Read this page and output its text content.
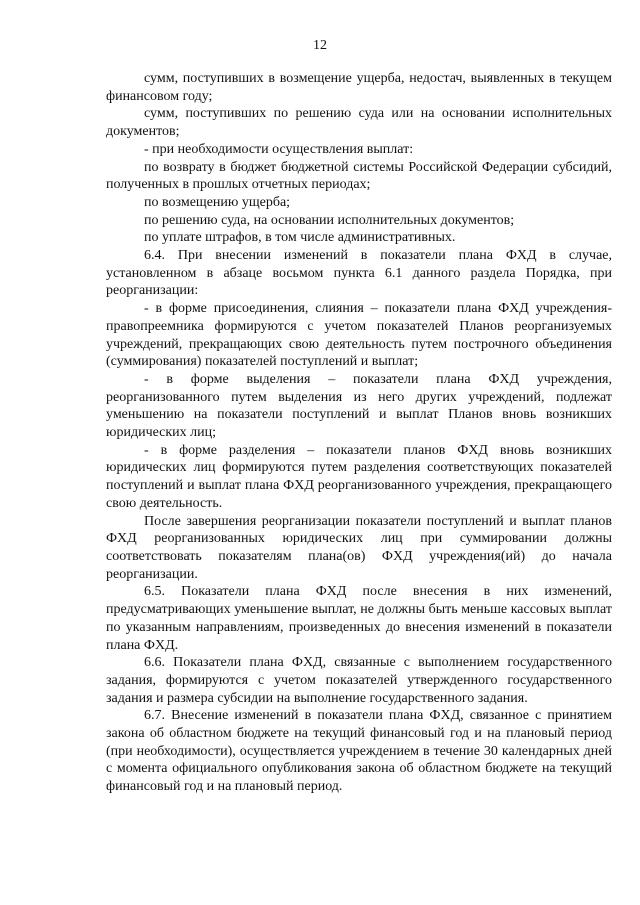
12

сумм, поступивших в возмещение ущерба, недостач, выявленных в текущем финансовом году;

сумм, поступивших по решению суда или на основании исполнительных документов;

- при необходимости осуществления выплат:

по возврату в бюджет бюджетной системы Российской Федерации субсидий, полученных в прошлых отчетных периодах;

по возмещению ущерба;

по решению суда, на основании исполнительных документов;

по уплате штрафов, в том числе административных.

6.4. При внесении изменений в показатели плана ФХД в случае, установленном в абзаце восьмом пункта 6.1 данного раздела Порядка, при реорганизации:

- в форме присоединения, слияния – показатели плана ФХД учреждения-правопреемника формируются с учетом показателей Планов реорганизуемых учреждений, прекращающих свою деятельность путем построчного объединения (суммирования) показателей поступлений и выплат;

- в форме выделения – показатели плана ФХД учреждения, реорганизованного путем выделения из него других учреждений, подлежат уменьшению на показатели поступлений и выплат Планов вновь возникших юридических лиц;

- в форме разделения – показатели планов ФХД вновь возникших юридических лиц формируются путем разделения соответствующих показателей поступлений и выплат плана ФХД реорганизованного учреждения, прекращающего свою деятельность.

После завершения реорганизации показатели поступлений и выплат планов ФХД реорганизованных юридических лиц при суммировании должны соответствовать показателям плана(ов) ФХД учреждения(ий) до начала реорганизации.

6.5. Показатели плана ФХД после внесения в них изменений, предусматривающих уменьшение выплат, не должны быть меньше кассовых выплат по указанным направлениям, произведенных до внесения изменений в показатели плана ФХД.

6.6. Показатели плана ФХД, связанные с выполнением государственного задания, формируются с учетом показателей утвержденного государственного задания и размера субсидии на выполнение государственного задания.

6.7. Внесение изменений в показатели плана ФХД, связанное с принятием закона об областном бюджете на текущий финансовый год и на плановый период (при необходимости), осуществляется учреждением в течение 30 календарных дней с момента официального опубликования закона об областном бюджете на текущий финансовый год и на плановый период.
